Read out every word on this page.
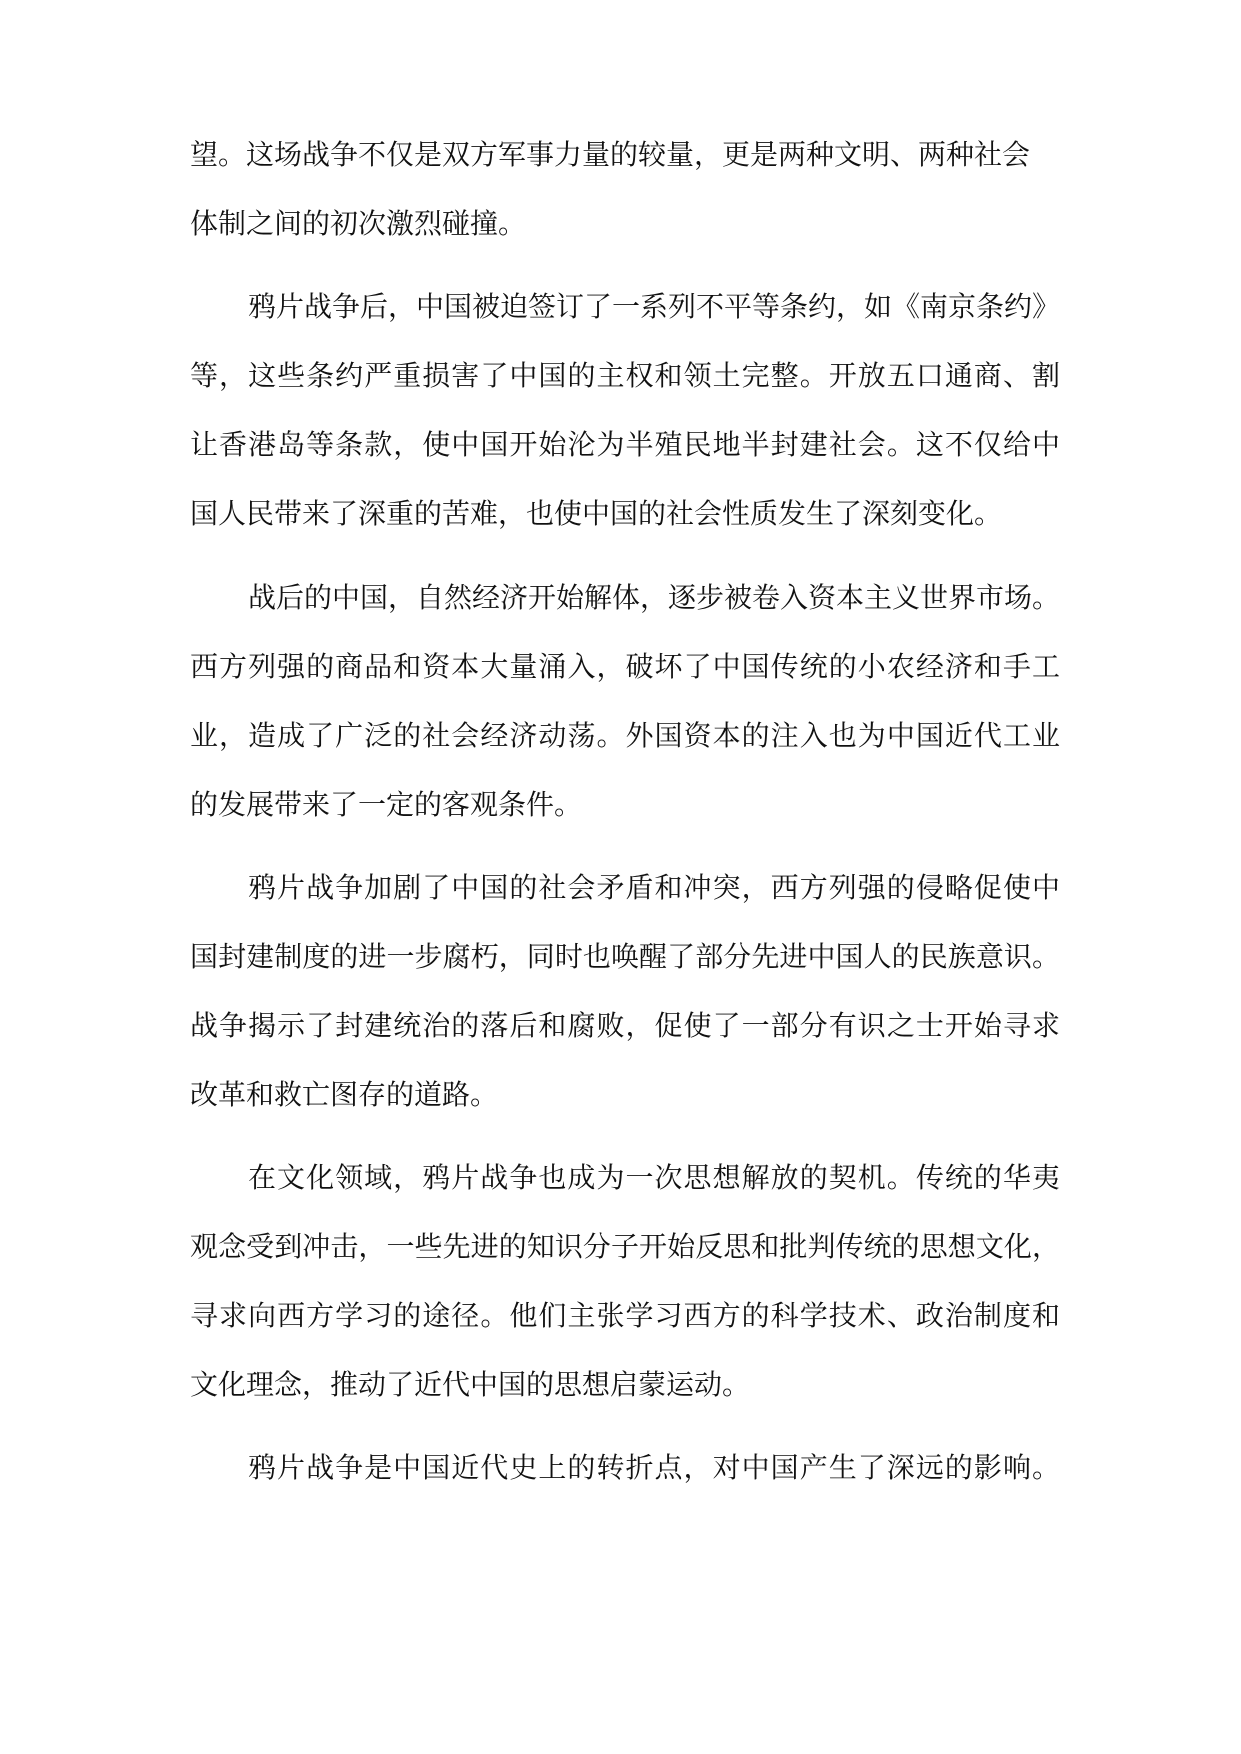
望。这场战争不仅是双方军事力量的较量，更是两种文明、两种社会
体制之间的初次激烈碰撞。
鸦片战争后，中国被迫签订了一系列不平等条约，如《南京条约》
等，这些条约严重损害了中国的主权和领土完整。开放五口通商、割
让香港岛等条款，使中国开始沦为半殖民地半封建社会。这不仅给中
国人民带来了深重的苦难，也使中国的社会性质发生了深刻变化。
战后的中国，自然经济开始解体，逐步被卷入资本主义世界市场。
西方列强的商品和资本大量涌入，破坏了中国传统的小农经济和手工
业，造成了广泛的社会经济动荡。外国资本的注入也为中国近代工业
的发展带来了一定的客观条件。
鸦片战争加剧了中国的社会矛盾和冲突，西方列强的侵略促使中
国封建制度的进一步腐朽，同时也唤醒了部分先进中国人的民族意识。
战争揭示了封建统治的落后和腐败，促使了一部分有识之士开始寻求
改革和救亡图存的道路。
在文化领域，鸦片战争也成为一次思想解放的契机。传统的华夷
观念受到冲击，一些先进的知识分子开始反思和批判传统的思想文化，
寻求向西方学习的途径。他们主张学习西方的科学技术、政治制度和
文化理念，推动了近代中国的思想启蒙运动。
鸦片战争是中国近代史上的转折点，对中国产生了深远的影响。
